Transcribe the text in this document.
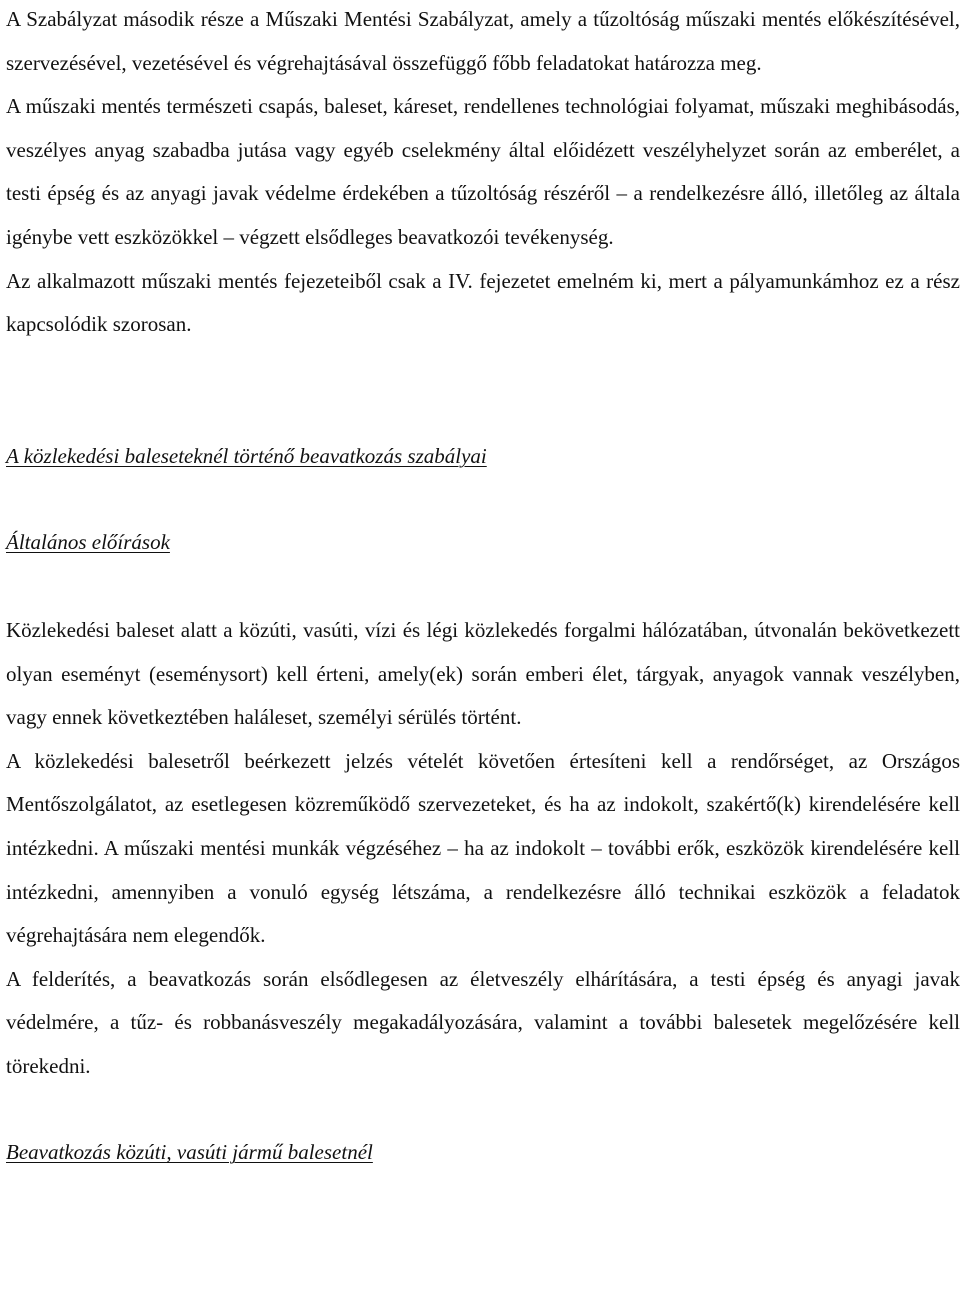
A Szabályzat második része a Műszaki Mentési Szabályzat, amely a tűzoltóság műszaki mentés előkészítésével, szervezésével, vezetésével és végrehajtásával összefüggő főbb feladatokat határozza meg.

A műszaki mentés természeti csapás, baleset, káreset, rendellenes technológiai folyamat, műszaki meghibásodás, veszélyes anyag szabadba jutása vagy egyéb cselekmény által előidézett veszélyhelyzet során az emberélet, a testi épség és az anyagi javak védelme érdekében a tűzoltóság részéről – a rendelkezésre álló, illetőleg az általa igénybe vett eszközökkel – végzett elsődleges beavatkozói tevékenység.

Az alkalmazott műszaki mentés fejezeteiből csak a IV. fejezetet emelném ki, mert a pályamunkámhoz ez a rész kapcsolódik szorosan.

A közlekedési baleseteknél történő beavatkozás szabályai

Általános előírások

Közlekedési baleset alatt a közúti, vasúti, vízi és légi közlekedés forgalmi hálózatában, útvonalán bekövetkezett olyan eseményt (eseménysort) kell érteni, amely(ek) során emberi élet, tárgyak, anyagok vannak veszélyben, vagy ennek következtében haláleset, személyi sérülés történt.

A közlekedési balesetről beérkezett jelzés vételét követően értesíteni kell a rendőrséget, az Országos Mentőszolgálatot, az esetlegesen közreműködő szervezeteket, és ha az indokolt, szakértő(k) kirendelésére kell intézkedni. A műszaki mentési munkák végzéséhez – ha az indokolt – további erők, eszközök kirendelésére kell intézkedni, amennyiben a vonuló egység létszáma, a rendelkezésre álló technikai eszközök a feladatok végrehajtására nem elegendők.

A felderítés, a beavatkozás során elsődlegesen az életveszély elhárítására, a testi épség és anyagi javak védelmére, a tűz- és robbanásveszély megakadályozására, valamint a további balesetek megelőzésére kell törekedni.

Beavatkozás közúti, vasúti jármű balesetnél
